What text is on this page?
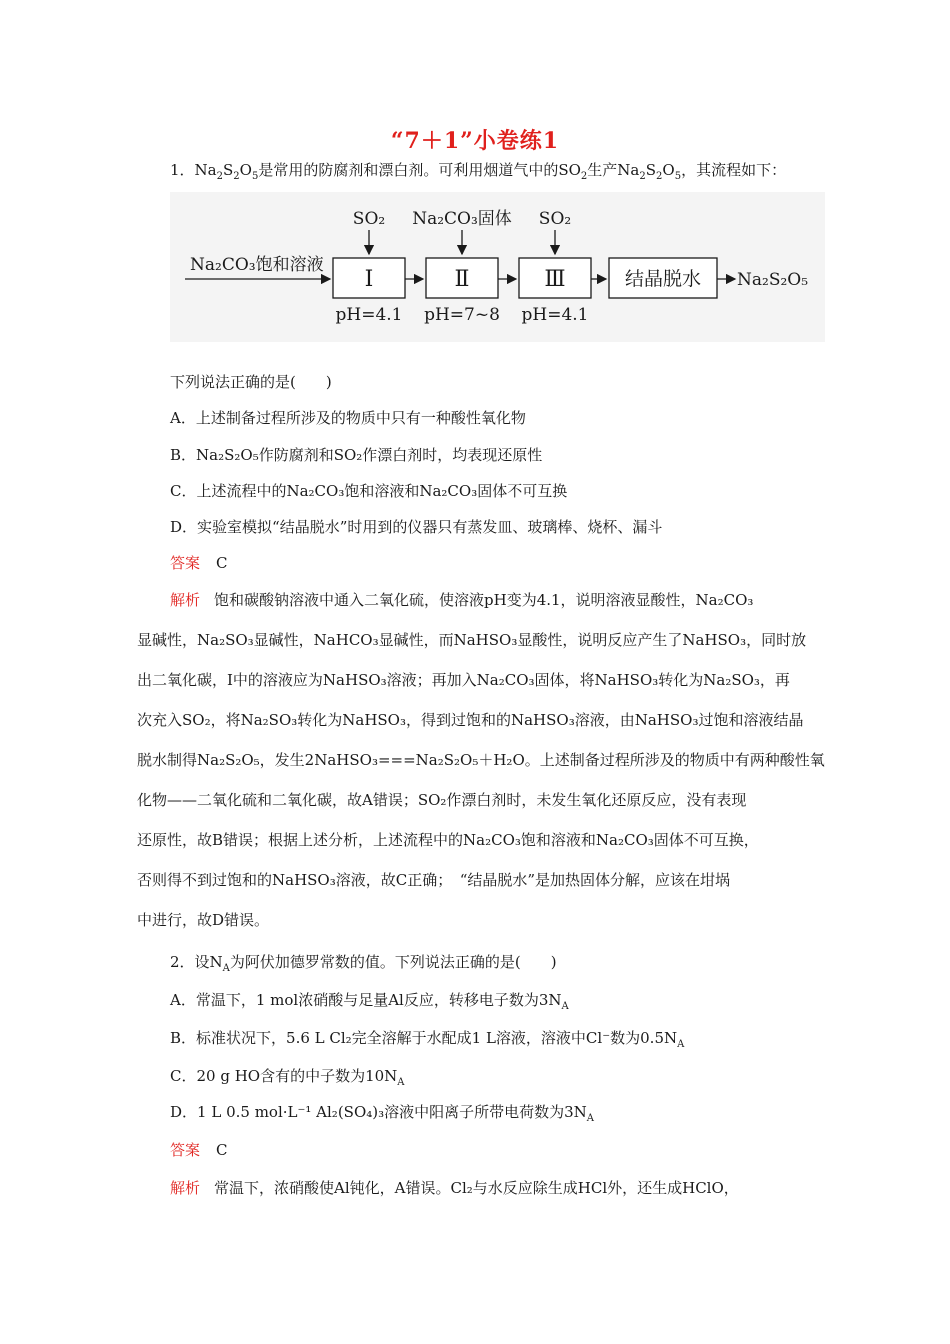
“7＋1”小卷练1
1．$Na_2S_2O_5$是常用的防腐剂和漂白剂。可利用烟道气中的$SO_2$生产$Na_2S_2O_5$，其流程如下：
Na₂CO₃饱和溶液
Ⅰ
SO₂
pH=4.1
Ⅱ
Na₂CO₃固体
pH=7~8
Ⅲ
SO₂
pH=4.1
结晶脱水 Na₂S₂O₅
下列说法正确的是(　　)
A．上述制备过程所涉及的物质中只有一种酸性氧化物
B．Na₂S₂O₅作防腐剂和SO₂作漂白剂时，均表现还原性
C．上述流程中的Na₂CO₃饱和溶液和Na₂CO₃固体不可互换
D．实验室模拟“结晶脱水”时用到的仪器只有蒸发皿、玻璃棒、烧杯、漏斗
答案 C
解析 饱和碳酸钠溶液中通入二氧化硫，使溶液pH变为4.1，说明溶液显酸性，Na₂CO₃
显碱性，Na₂SO₃显碱性，NaHCO₃显碱性，而NaHSO₃显酸性，说明反应产生了NaHSO₃，同时放
出二氧化碳，Ⅰ中的溶液应为NaHSO₃溶液；再加入Na₂CO₃固体，将NaHSO₃转化为Na₂SO₃，再
次充入SO₂，将Na₂SO₃转化为NaHSO₃，得到过饱和的NaHSO₃溶液，由NaHSO₃过饱和溶液结晶
脱水制得Na₂S₂O₅，发生2NaHSO₃===Na₂S₂O₅＋H₂O。上述制备过程所涉及的物质中有两种酸性氧
化物——二氧化硫和二氧化碳，故A错误；SO₂作漂白剂时，未发生氧化还原反应，没有表现
还原性，故B错误；根据上述分析，上述流程中的Na₂CO₃饱和溶液和Na₂CO₃固体不可互换，
否则得不到过饱和的NaHSO₃溶液，故C正确；　“结晶脱水”是加热固体分解，应该在坩埚
中进行，故D错误。
2．设$N_A$为阿伏加德罗常数的值。下列说法正确的是(　　)
A．常温下，1 mol浓硝酸与足量Al反应，转移电子数为$3N_A$
B．标准状况下，5.6 L Cl₂完全溶解于水配成1 L溶液，溶液中Cl⁻数为$0.5N_A$
C．20 g HO含有的中子数为$10N_A$
D．1 L 0.5 mol·L⁻¹ Al₂(SO₄)₃溶液中阳离子所带电荷数为$3N_A$
答案 C
解析 常温下，浓硝酸使Al钝化，A错误。Cl₂与水反应除生成HCl外，还生成HClO，
